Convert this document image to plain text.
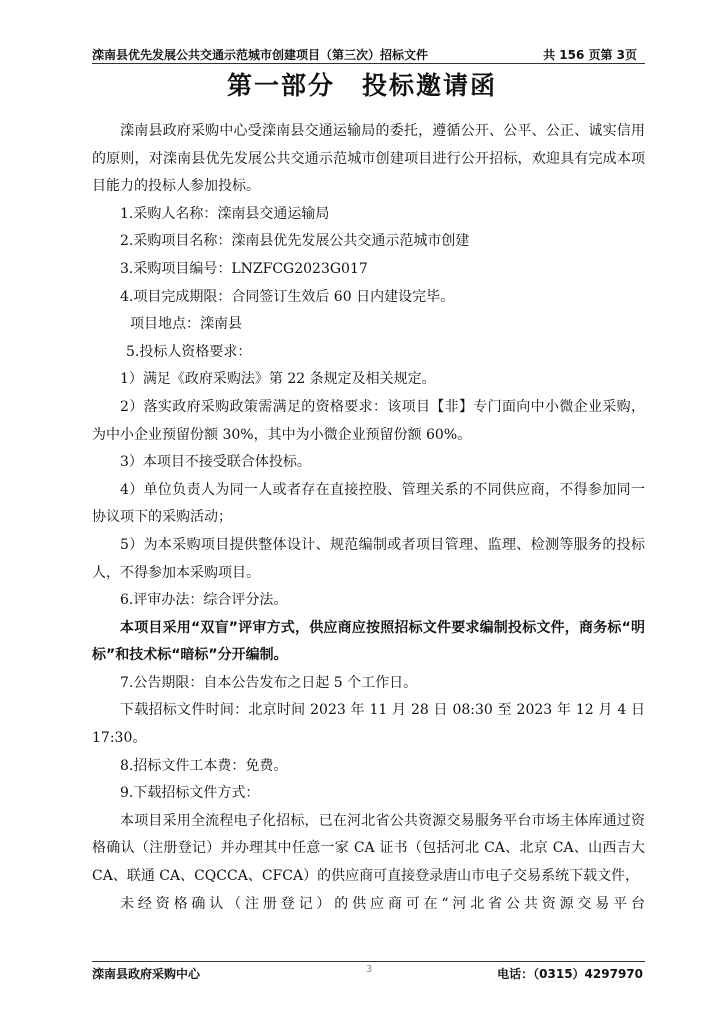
滦南县优先发展公共交通示范城市创建项目（第三次）招标文件	共 156 页第 3页
第一部分　投标邀请函

滦南县政府采购中心受滦南县交通运输局的委托，遵循公开、公平、公正、诚实信用的原则，对滦南县优先发展公共交通示范城市创建项目进行公开招标，欢迎具有完成本项目能力的投标人参加投标。

1.采购人名称：滦南县交通运输局

2.采购项目名称：滦南县优先发展公共交通示范城市创建

3.采购项目编号：LNZFCG2023G017

4.项目完成期限：合同签订生效后 60 日内建设完毕。

项目地点：滦南县

5.投标人资格要求：

1）满足《政府采购法》第 22 条规定及相关规定。

2）落实政府采购政策需满足的资格要求：该项目【非】专门面向中小微企业采购，为中小企业预留份额 30%，其中为小微企业预留份额 60%。

3）本项目不接受联合体投标。

4）单位负责人为同一人或者存在直接控股、管理关系的不同供应商，不得参加同一协议项下的采购活动；

5）为本采购项目提供整体设计、规范编制或者项目管理、监理、检测等服务的投标人，不得参加本采购项目。

6.评审办法：综合评分法。

本项目采用“双盲”评审方式，供应商应按照招标文件要求编制投标文件，商务标“明标”和技术标“暗标”分开编制。

7.公告期限：自本公告发布之日起 5 个工作日。

下载招标文件时间：北京时间 2023 年 11 月 28 日 08:30 至 2023 年 12 月 4 日 17:30。

8.招标文件工本费：免费。

9.下载招标文件方式：

本项目采用全流程电子化招标，已在河北省公共资源交易服务平台市场主体库通过资格确认（注册登记）并办理其中任意一家 CA 证书（包括河北 CA、北京 CA、山西吉大 CA、联通 CA、CQCCA、CFCA）的供应商可直接登录唐山市电子交易系统下载文件，

未经资格确认（注册登记）的供应商可在“河北省公共资源交易平台

滦南县政府采购中心	3	电话：（0315）4297970
